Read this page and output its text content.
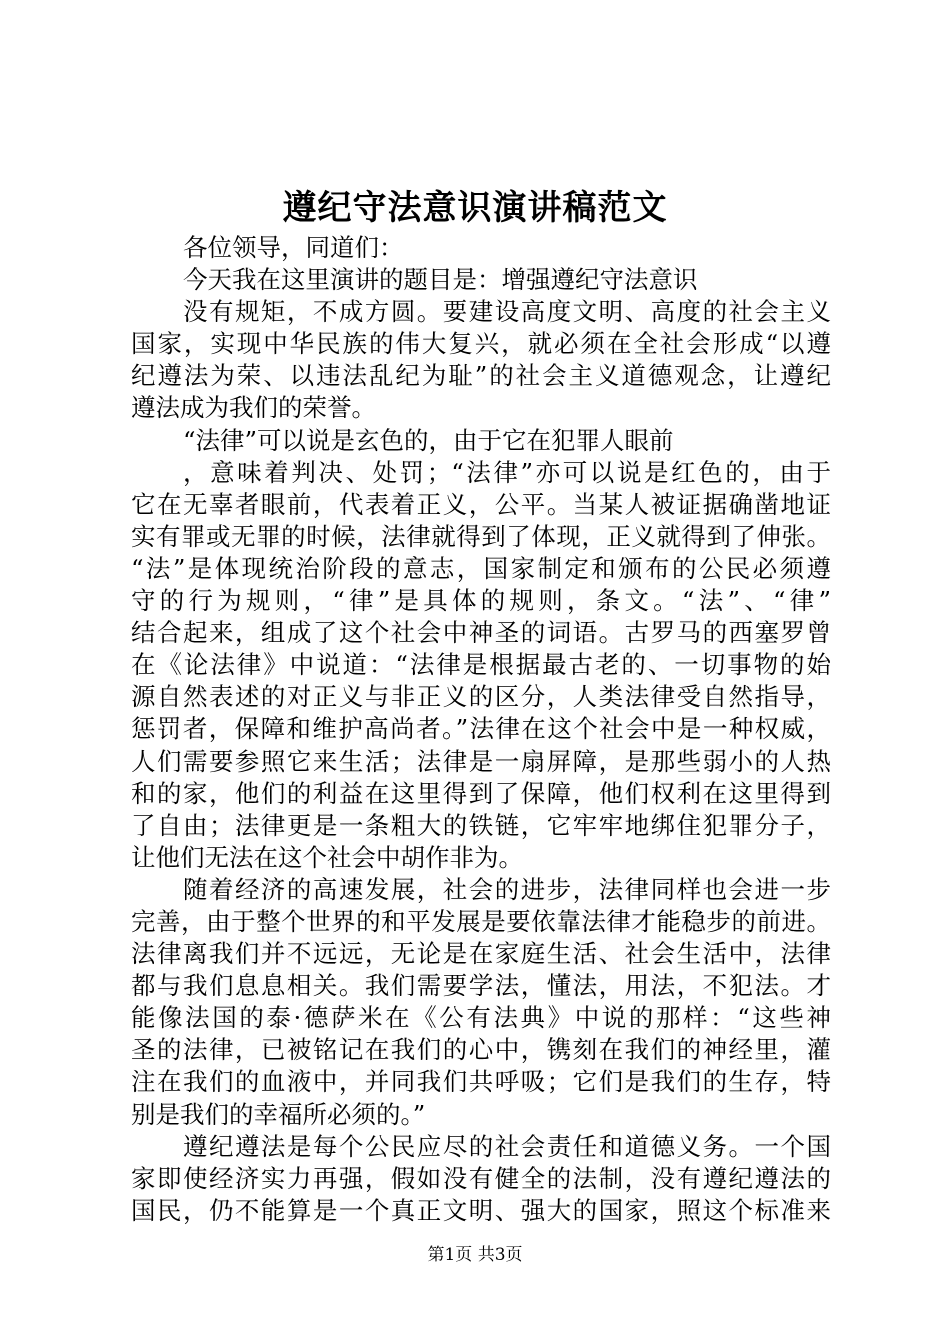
遵纪守法意识演讲稿范文
各位领导，同道们：
今天我在这里演讲的题目是：增强遵纪守法意识
没有规矩，不成方圆。要建设高度文明、高度的社会主义
国家，实现中华民族的伟大复兴，就必须在全社会形成“以遵
纪遵法为荣、以违法乱纪为耻”的社会主义道德观念，让遵纪
遵法成为我们的荣誉。
“法律”可以说是玄色的，由于它在犯罪人眼前
，意味着判决、处罚；“法律”亦可以说是红色的，由于
它在无辜者眼前，代表着正义，公平。当某人被证据确凿地证
实有罪或无罪的时候，法律就得到了体现，正义就得到了伸张。
“法”是体现统治阶段的意志，国家制定和颁布的公民必须遵
守的行为规则，“律”是具体的规则，条文。“法”、“律”
结合起来，组成了这个社会中神圣的词语。古罗马的西塞罗曾
在《论法律》中说道：“法律是根据最古老的、一切事物的始
源自然表述的对正义与非正义的区分，人类法律受自然指导，
惩罚者，保障和维护高尚者。”法律在这个社会中是一种权威，
人们需要参照它来生活；法律是一扇屏障，是那些弱小的人热
和的家，他们的利益在这里得到了保障，他们权利在这里得到
了自由；法律更是一条粗大的铁链，它牢牢地绑住犯罪分子，
让他们无法在这个社会中胡作非为。
随着经济的高速发展，社会的进步，法律同样也会进一步
完善，由于整个世界的和平发展是要依靠法律才能稳步的前进。
法律离我们并不远远，无论是在家庭生活、社会生活中，法律
都与我们息息相关。我们需要学法，懂法，用法，不犯法。才
能像法国的泰·德萨米在《公有法典》中说的那样：“这些神
圣的法律，已被铭记在我们的心中，镌刻在我们的神经里，灌
注在我们的血液中，并同我们共呼吸；它们是我们的生存，特
别是我们的幸福所必须的。”
遵纪遵法是每个公民应尽的社会责任和道德义务。一个国
家即使经济实力再强，假如没有健全的法制，没有遵纪遵法的
国民，仍不能算是一个真正文明、强大的国家，照这个标准来
第1页 共3页
